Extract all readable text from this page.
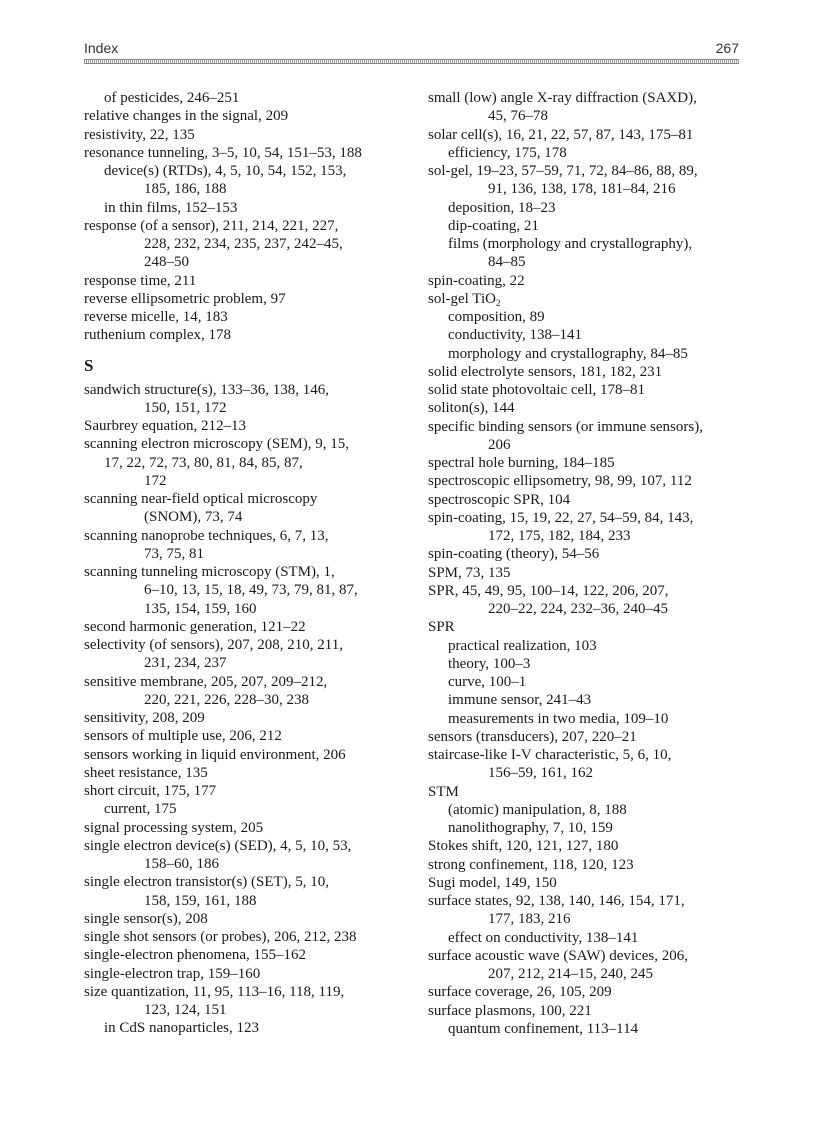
Index	267
of pesticides, 246–251
relative changes in the signal, 209
resistivity, 22, 135
resonance tunneling, 3–5, 10, 54, 151–53, 188
device(s) (RTDs), 4, 5, 10, 54, 152, 153,
185, 186, 188
in thin films, 152–153
response (of a sensor), 211, 214, 221, 227,
228, 232, 234, 235, 237, 242–45,
248–50
response time, 211
reverse ellipsometric problem, 97
reverse micelle, 14, 183
ruthenium complex, 178
S
sandwich structure(s), 133–36, 138, 146,
150, 151, 172
Saurbrey equation, 212–13
scanning electron microscopy (SEM), 9, 15,
17, 22, 72, 73, 80, 81, 84, 85, 87,
172
scanning near-field optical microscopy
(SNOM), 73, 74
scanning nanoprobe techniques, 6, 7, 13,
73, 75, 81
scanning tunneling microscopy (STM), 1,
6–10, 13, 15, 18, 49, 73, 79, 81, 87,
135, 154, 159, 160
second harmonic generation, 121–22
selectivity (of sensors), 207, 208, 210, 211,
231, 234, 237
sensitive membrane, 205, 207, 209–212,
220, 221, 226, 228–30, 238
sensitivity, 208, 209
sensors of multiple use, 206, 212
sensors working in liquid environment, 206
sheet resistance, 135
short circuit, 175, 177
current, 175
signal processing system, 205
single electron device(s) (SED), 4, 5, 10, 53,
158–60, 186
single electron transistor(s) (SET), 5, 10,
158, 159, 161, 188
single sensor(s), 208
single shot sensors (or probes), 206, 212, 238
single-electron phenomena, 155–162
single-electron trap, 159–160
size quantization, 11, 95, 113–16, 118, 119,
123, 124, 151
in CdS nanoparticles, 123
small (low) angle X-ray diffraction (SAXD),
45, 76–78
solar cell(s), 16, 21, 22, 57, 87, 143, 175–81
efficiency, 175, 178
sol-gel, 19–23, 57–59, 71, 72, 84–86, 88, 89,
91, 136, 138, 178, 181–84, 216
deposition, 18–23
dip-coating, 21
films (morphology and crystallography),
84–85
spin-coating, 22
sol-gel TiO$_2$
composition, 89
conductivity, 138–141
morphology and crystallography, 84–85
solid electrolyte sensors, 181, 182, 231
solid state photovoltaic cell, 178–81
soliton(s), 144
specific binding sensors (or immune sensors),
206
spectral hole burning, 184–185
spectroscopic ellipsometry, 98, 99, 107, 112
spectroscopic SPR, 104
spin-coating, 15, 19, 22, 27, 54–59, 84, 143,
172, 175, 182, 184, 233
spin-coating (theory), 54–56
SPM, 73, 135
SPR, 45, 49, 95, 100–14, 122, 206, 207,
220–22, 224, 232–36, 240–45
SPR
practical realization, 103
theory, 100–3
curve, 100–1
immune sensor, 241–43
measurements in two media, 109–10
sensors (transducers), 207, 220–21
staircase-like I-V characteristic, 5, 6, 10,
156–59, 161, 162
STM
(atomic) manipulation, 8, 188
nanolithography, 7, 10, 159
Stokes shift, 120, 121, 127, 180
strong confinement, 118, 120, 123
Sugi model, 149, 150
surface states, 92, 138, 140, 146, 154, 171,
177, 183, 216
effect on conductivity, 138–141
surface acoustic wave (SAW) devices, 206,
207, 212, 214–15, 240, 245
surface coverage, 26, 105, 209
surface plasmons, 100, 221
quantum confinement, 113–114
